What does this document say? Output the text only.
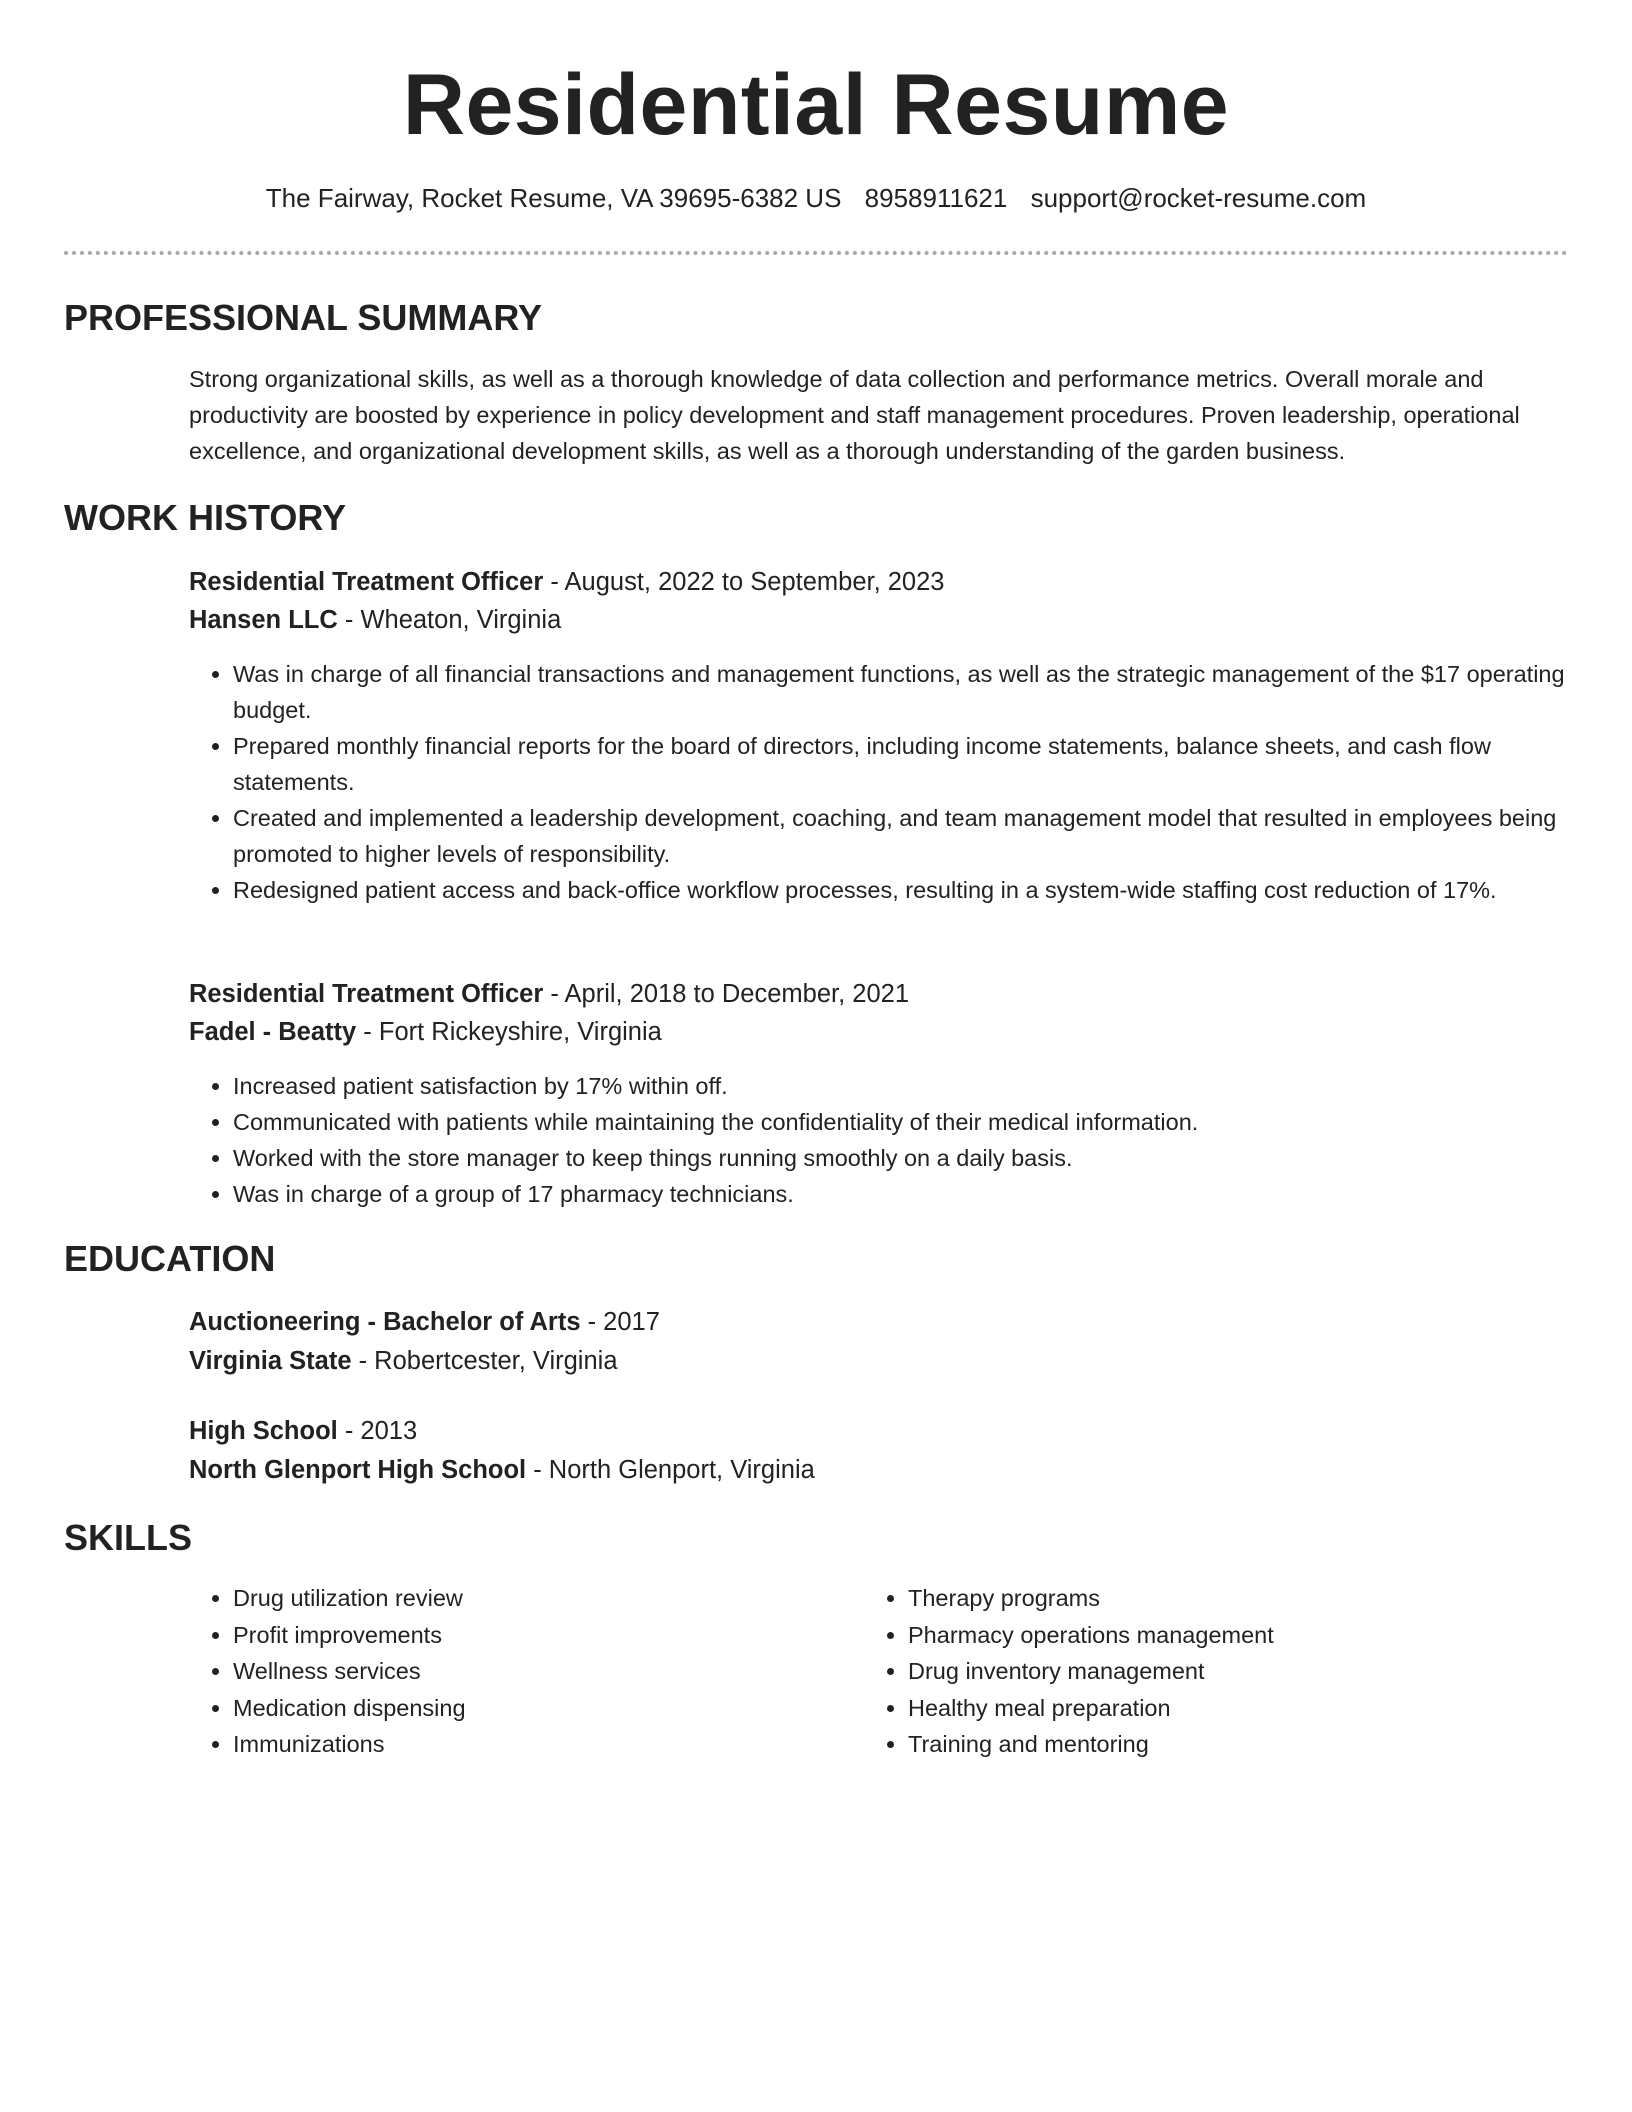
Residential Resume
The Fairway, Rocket Resume, VA 39695-6382 US 8958911621 support@rocket-resume.com
PROFESSIONAL SUMMARY

Strong organizational skills, as well as a thorough knowledge of data collection and performance metrics. Overall morale and productivity are boosted by experience in policy development and staff management procedures. Proven leadership, operational excellence, and organizational development skills, as well as a thorough understanding of the garden business.

WORK HISTORY
Residential Treatment Officer - August, 2022 to September, 2023
Hansen LLC - Wheaton, Virginia
• Was in charge of all financial transactions and management functions, as well as the strategic management of the $17 operating budget.
• Prepared monthly financial reports for the board of directors, including income statements, balance sheets, and cash flow statements.
• Created and implemented a leadership development, coaching, and team management model that resulted in employees being promoted to higher levels of responsibility.
• Redesigned patient access and back-office workflow processes, resulting in a system-wide staffing cost reduction of 17%.
Residential Treatment Officer - April, 2018 to December, 2021
Fadel - Beatty - Fort Rickeyshire, Virginia
• Increased patient satisfaction by 17% within off.
• Communicated with patients while maintaining the confidentiality of their medical information.
• Worked with the store manager to keep things running smoothly on a daily basis.
• Was in charge of a group of 17 pharmacy technicians.
EDUCATION
Auctioneering - Bachelor of Arts - 2017
Virginia State - Robertcester, Virginia
High School - 2013
North Glenport High School - North Glenport, Virginia
SKILLS
• Drug utilization review
• Profit improvements
• Wellness services
• Medication dispensing
• Immunizations
• Therapy programs
• Pharmacy operations management
• Drug inventory management
• Healthy meal preparation
• Training and mentoring
